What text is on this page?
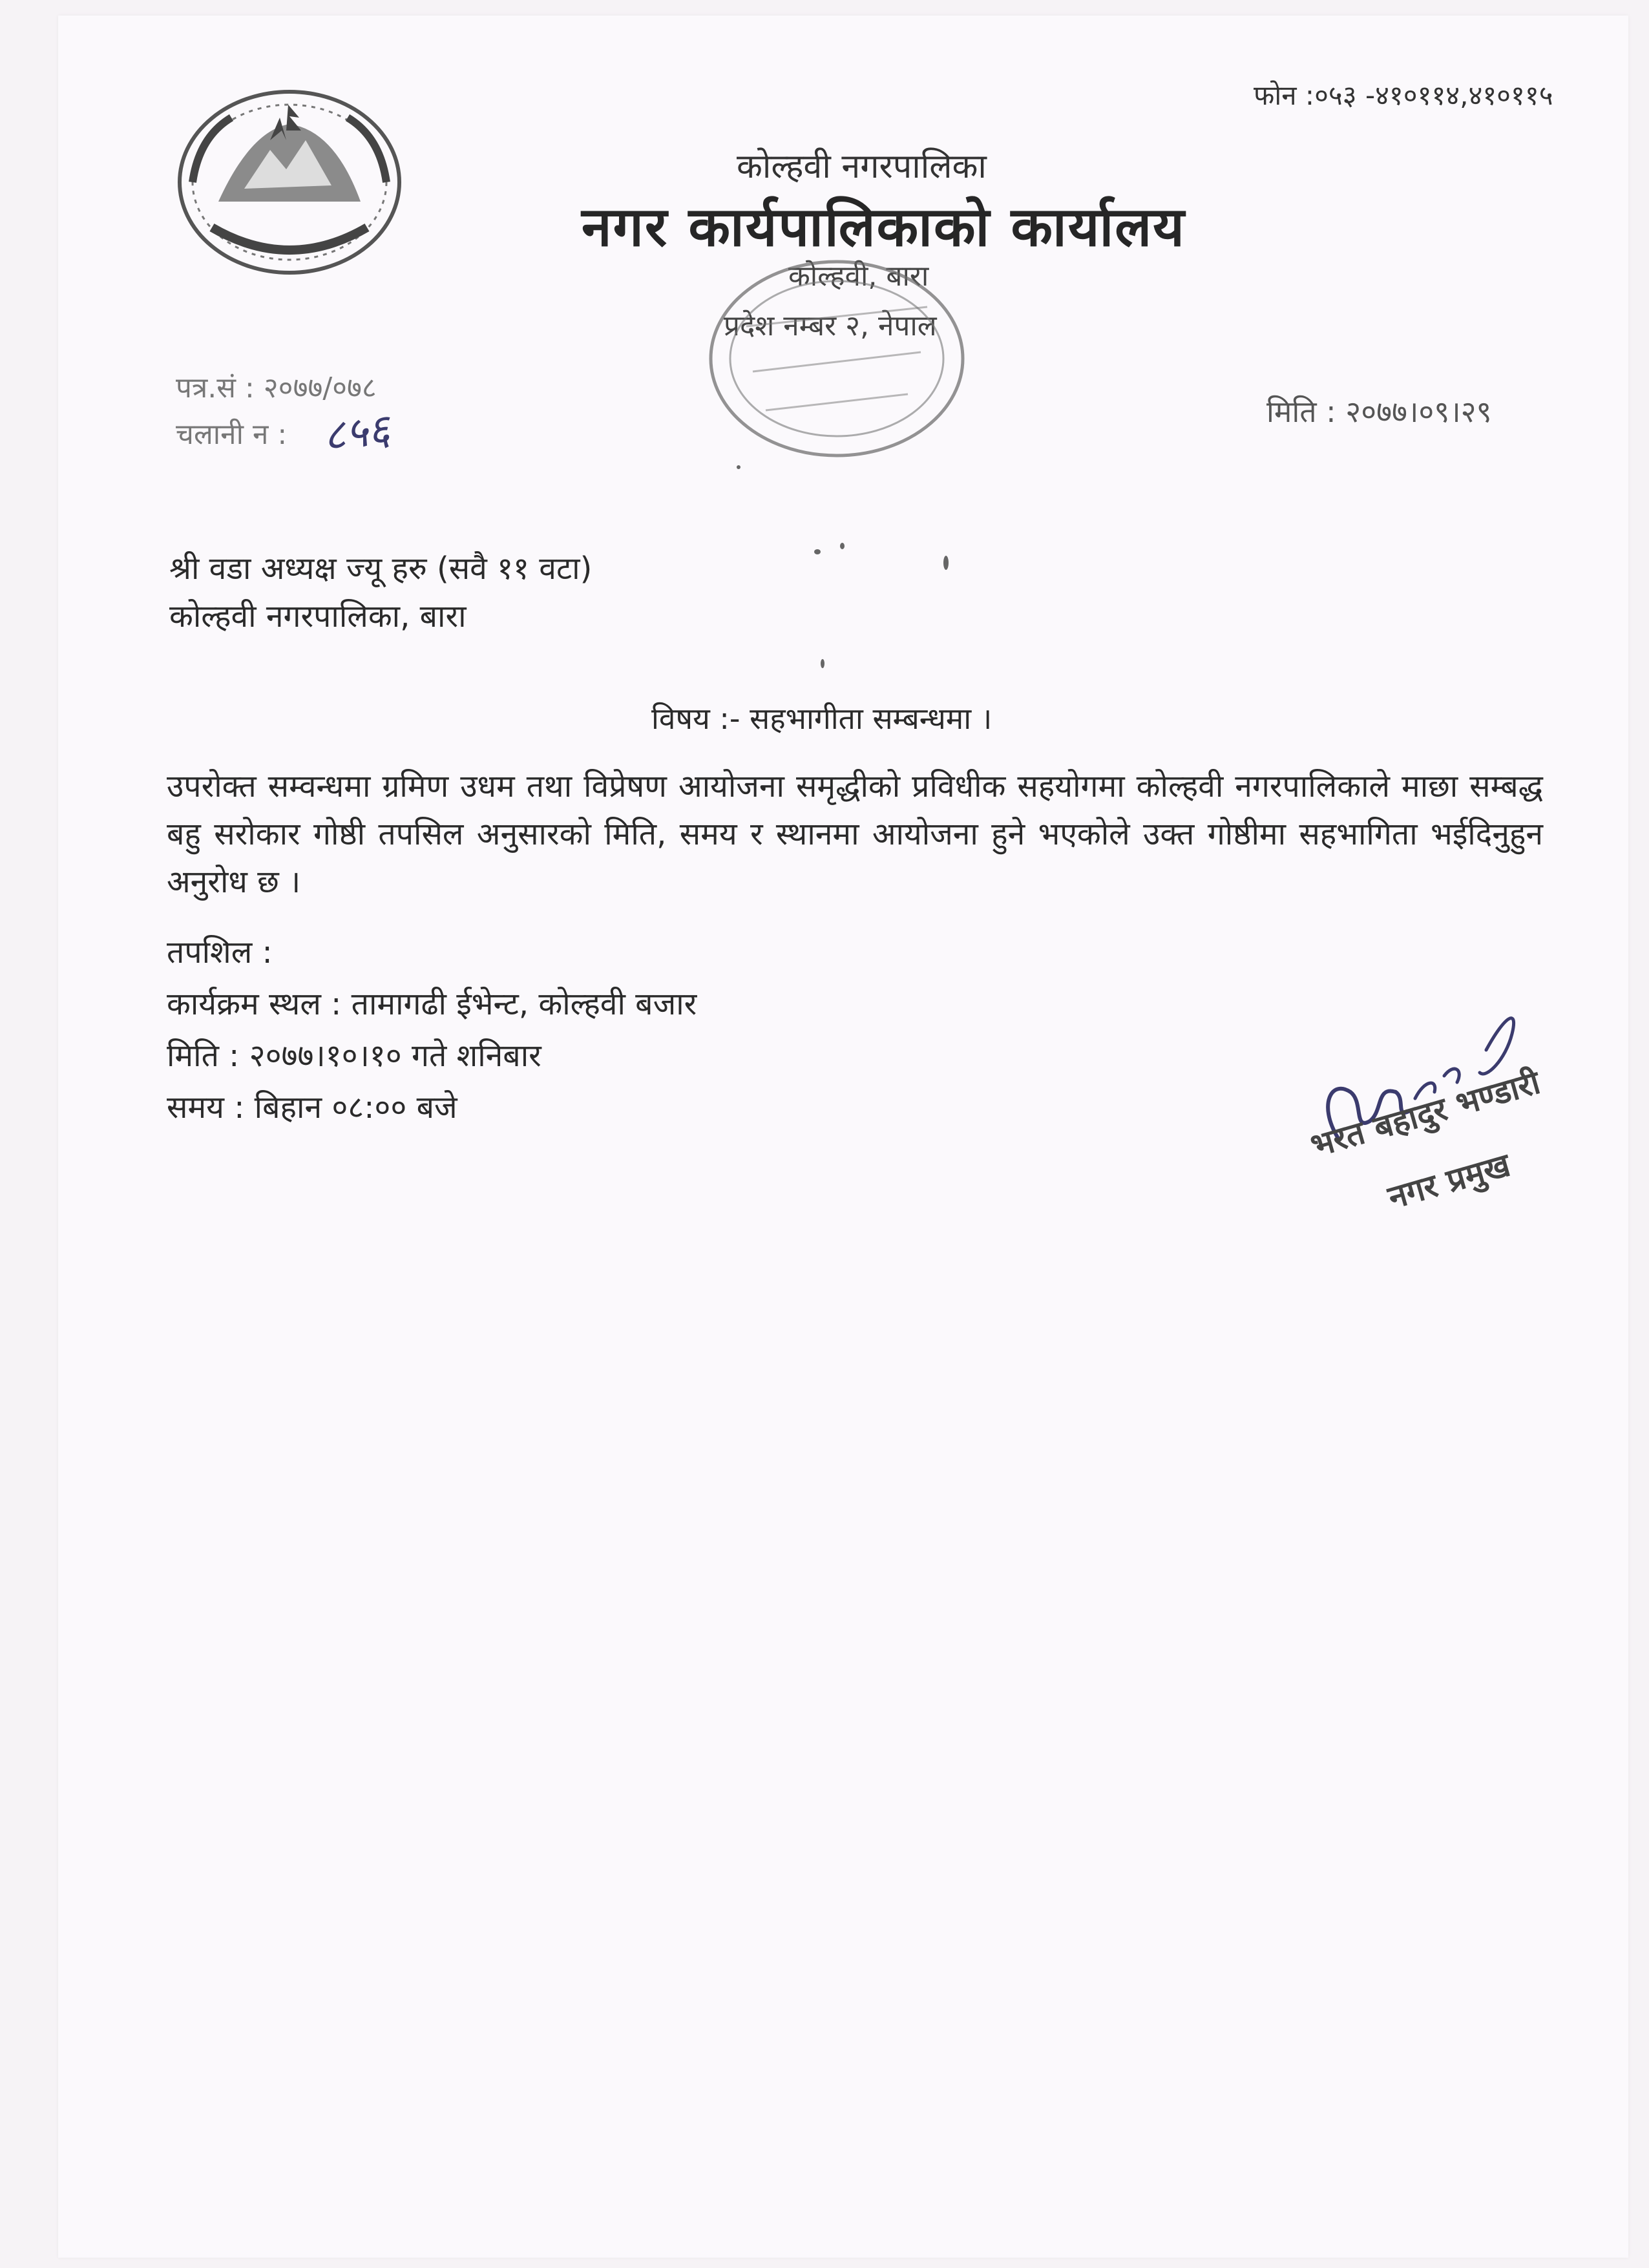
फोन :०५३ -४१०११४,४१०११५
कोल्हवी नगरपालिका
नगर कार्यपालिकाको कार्यालय
कोल्हवी, बारा
प्रदेश नम्बर २, नेपाल
पत्र.सं : २०७७/०७८
चलानी न : ८५६	मिति : २०७७।०९।२९
श्री वडा अध्यक्ष ज्यू हरु (सवै ११ वटा)
कोल्हवी नगरपालिका, बारा
विषय :- सहभागीता सम्बन्धमा ।
उपरोक्त सम्वन्धमा ग्रमिण उधम तथा विप्रेषण आयोजना समृद्धीको प्रविधीक सहयोगमा कोल्हवी नगरपालिकाले माछा सम्बद्ध बहु सरोकार गोष्ठी तपसिल अनुसारको मिति, समय र स्थानमा आयोजना हुने भएकोले उक्त गोष्ठीमा सहभागिता भईदिनुहुन अनुरोध छ ।
तपशिल :
कार्यक्रम स्थल : तामागढी ईभेन्ट, कोल्हवी बजार
मिति : २०७७।१०।१० गते शनिबार
समय : बिहान ०८:०० बजे	भरत बहादुर भण्डारी
नगर प्रमुख
